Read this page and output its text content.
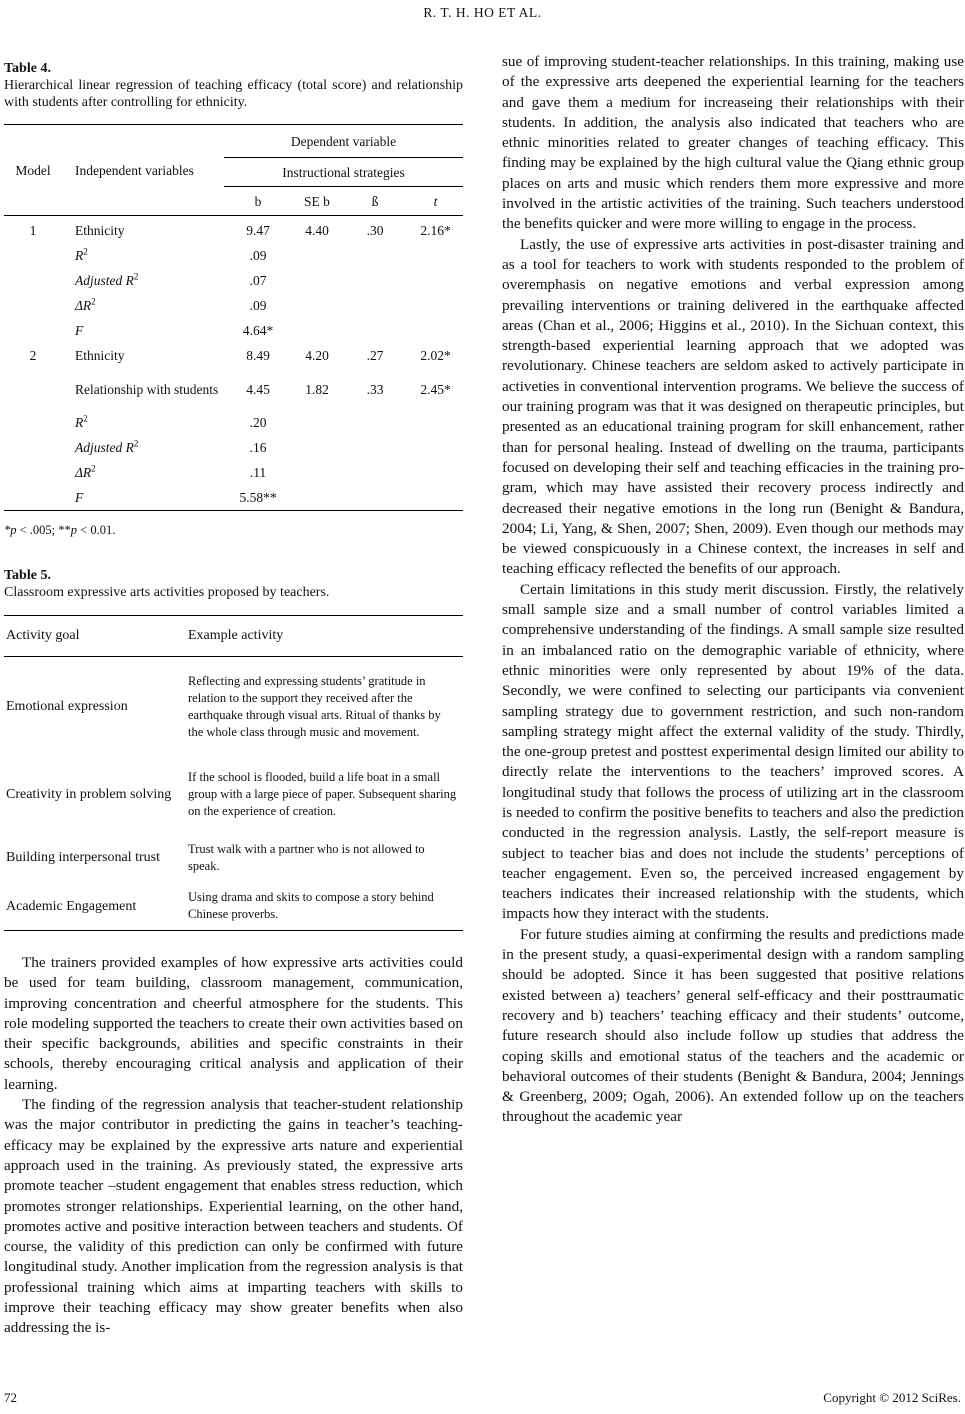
R. T. H. HO ET AL.
Table 4.
Hierarchical linear regression of teaching efficacy (total score) and relationship with students after controlling for ethnicity.
Model	Independent variables	Dependent variable			
		Instructional strategies			
		b	SE b	ß	t

1	Ethnicity	9.47	4.40	.30	2.16*
	$R^2$	.09			
	Adjusted $R^2$	.07			
	$\Delta R^2$	.09			
	F	4.64*			
2	Ethnicity	8.49	4.20	.27	2.02*
	Relationship with students	4.45	1.82	.33	2.45*
	$R^2$	.20			
	Adjusted $R^2$	.16			
	$\Delta R^2$	.11			
	F	5.58**			
*p < .005; **p < 0.01.
Table 5.
Classroom expressive arts activities proposed by teachers.
Activity goal	Example activity
Emotional expression	Reflecting and expressing students’ gratitude in relation to the support they received after the earthquake through visual arts. Ritual of thanks by the whole class through music and movement.
Creativity in problem solving	If the school is flooded, build a life boat in a small group with a large piece of paper. Subsequent sharing on the experience of creation.
Building interpersonal trust	Trust walk with a partner who is not allowed to speak.
Academic Engagement	Using drama and skits to compose a story behind Chinese proverbs.

The trainers provided examples of how expressive arts activities could be used for team building, classroom management, communication, improving concentration and cheerful atmosphere for the students. This role modeling supported the teachers to create their own activities based on their specific backgrounds, abilities and specific constraints in their schools, thereby encouraging critical analysis and application of their learning.

The finding of the regression analysis that teacher-student relationship was the major contributor in predicting the gains in teacher’s teaching-efficacy may be explained by the expressive arts nature and experiential approach used in the training. As previously stated, the expressive arts promote teacher –student engagement that enables stress reduction, which promotes stronger relationships. Experiential learning, on the other hand, promotes active and positive interaction between teachers and students. Of course, the validity of this prediction can only be confirmed with future longitudinal study. Another implication from the regression analysis is that professional training which aims at imparting teachers with skills to improve their teaching efficacy may show greater benefits when also addressing the is-

sue of improving student-teacher relationships. In this training, making use of the expressive arts deepened the experiential learning for the teachers and gave them a medium for increaseing their relationships with their students. In addition, the analysis also indicated that teachers who are ethnic minorities related to greater changes of teaching efficacy. This finding may be explained by the high cultural value the Qiang ethnic group places on arts and music which renders them more expressive and more involved in the artistic activities of the training. Such teachers understood the benefits quicker and were more willing to engage in the process.

Lastly, the use of expressive arts activities in post-disaster training and as a tool for teachers to work with students responded to the problem of overemphasis on negative emotions and verbal expression among prevailing interventions or training delivered in the earthquake affected areas (Chan et al., 2006; Higgins et al., 2010). In the Sichuan context, this strength-based experiential learning approach that we adopted was revolutionary. Chinese teachers are seldom asked to actively participate in activeties in conventional intervention programs. We believe the success of our training program was that it was designed on therapeutic principles, but presented as an educational training program for skill enhancement, rather than for personal healing. Instead of dwelling on the trauma, participants focused on developing their self and teaching efficacies in the training program, which may have assisted their recovery process indirectly and decreased their negative emotions in the long run (Benight & Bandura, 2004; Li, Yang, & Shen, 2007; Shen, 2009). Even though our methods may be viewed conspicuously in a Chinese context, the increases in self and teaching efficacy reflected the benefits of our approach.

Certain limitations in this study merit discussion. Firstly, the relatively small sample size and a small number of control variables limited a comprehensive understanding of the findings. A small sample size resulted in an imbalanced ratio on the demographic variable of ethnicity, where ethnic minorities were only represented by about 19% of the data. Secondly, we were confined to selecting our participants via convenient sampling strategy due to government restriction, and such non-random sampling strategy might affect the external validity of the study. Thirdly, the one-group pretest and posttest experimental design limited our ability to directly relate the interventions to the teachers’ improved scores. A longitudinal study that follows the process of utilizing art in the classroom is needed to confirm the positive benefits to teachers and also the prediction conducted in the regression analysis. Lastly, the self-report measure is subject to teacher bias and does not include the students’ perceptions of teacher engagement. Even so, the perceived increased engagement by teachers indicates their increased relationship with the students, which impacts how they interact with the students.

For future studies aiming at confirming the results and predictions made in the present study, a quasi-experimental design with a random sampling should be adopted. Since it has been suggested that positive relations existed between a) teachers’ general self-efficacy and their posttraumatic recovery and b) teachers’ teaching efficacy and their students’ outcome, future research should also include follow up studies that address the coping skills and emotional status of the teachers and the academic or behavioral outcomes of their students (Benight & Bandura, 2004; Jennings & Greenberg, 2009; Ogah, 2006). An extended follow up on the teachers throughout the academic year

72	Copyright © 2012 SciRes.
